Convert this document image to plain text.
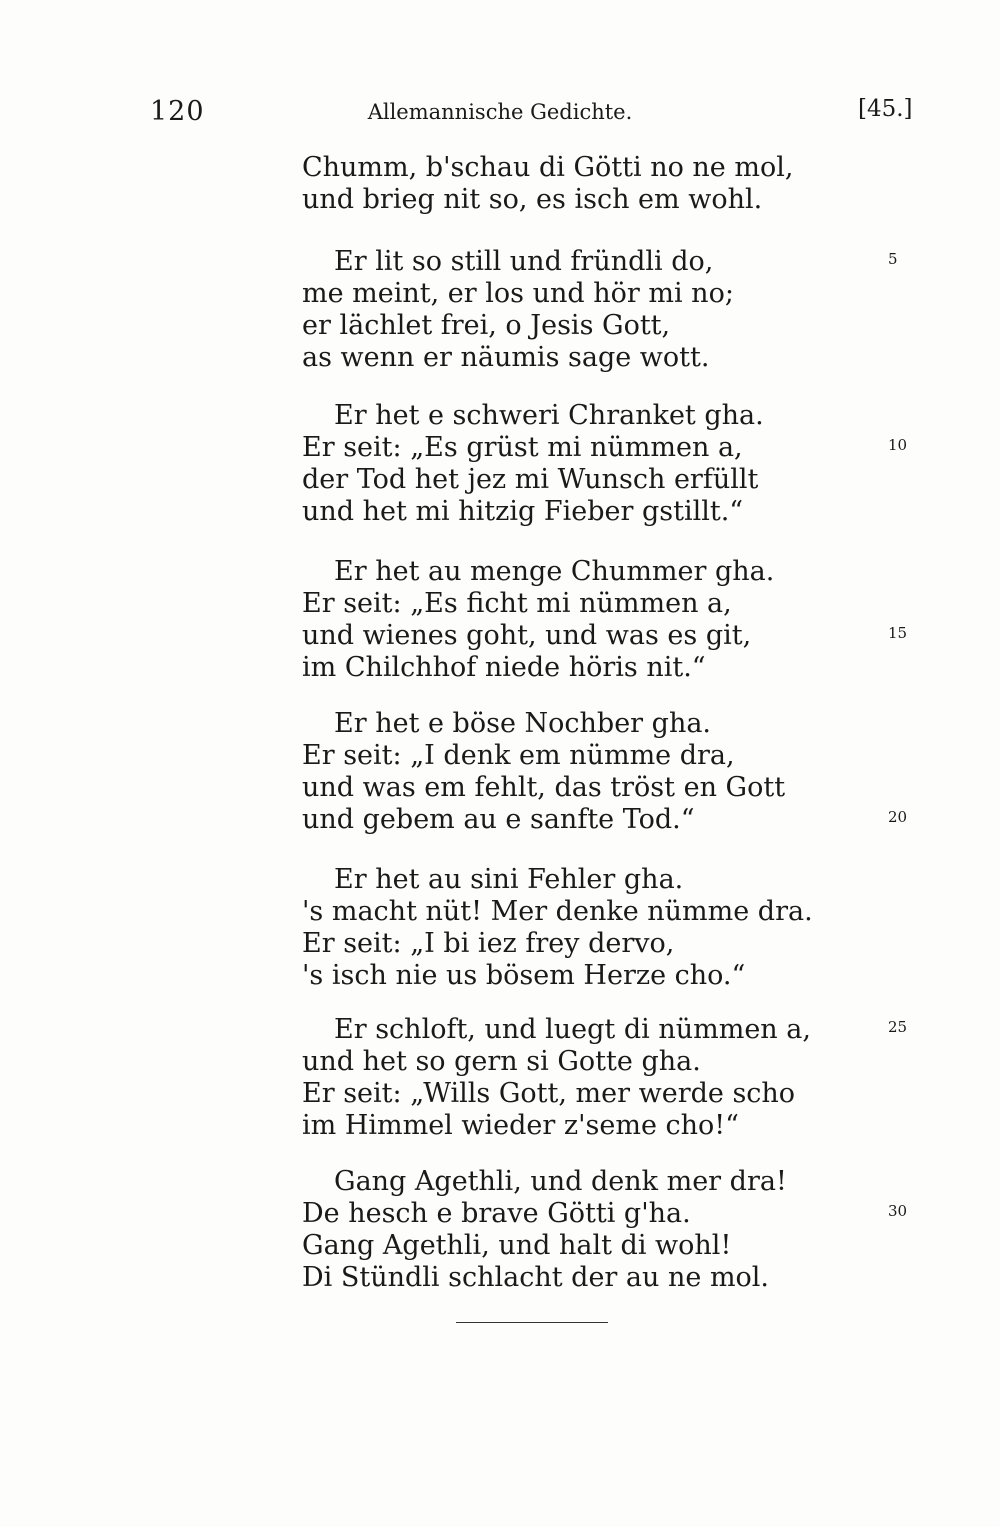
120	Allemannische Gedichte.	[45.]
Chumm, b'schau di Götti no ne mol,
und brieg nit so, es isch em wohl.
Er lit so still und fründli do,
me meint, er los und hör mi no;
er lächlet frei, o Jesis Gott,
as wenn er näumis sage wott.
Er het e schweri Chranket gha.
Er seit: „Es grüst mi nümmen a,
der Tod het jez mi Wunsch erfüllt
und het mi hitzig Fieber gstillt.“
Er het au menge Chummer gha.
Er seit: „Es ficht mi nümmen a,
und wienes goht, und was es git,
im Chilchhof niede höris nit.“
Er het e böse Nochber gha.
Er seit: „I denk em nümme dra,
und was em fehlt, das tröst en Gott
und gebem au e sanfte Tod.“
Er het au sini Fehler gha.
's macht nüt! Mer denke nümme dra.
Er seit: „I bi iez frey dervo,
's isch nie us bösem Herze cho.“
Er schloft, und luegt di nümmen a,
und het so gern si Gotte gha.
Er seit: „Wills Gott, mer werde scho
im Himmel wieder z'seme cho!“
Gang Agethli, und denk mer dra!
De hesch e brave Götti g'ha.
Gang Agethli, und halt di wohl!
Di Stündli schlacht der au ne mol.
5
10
15
20
25
30
